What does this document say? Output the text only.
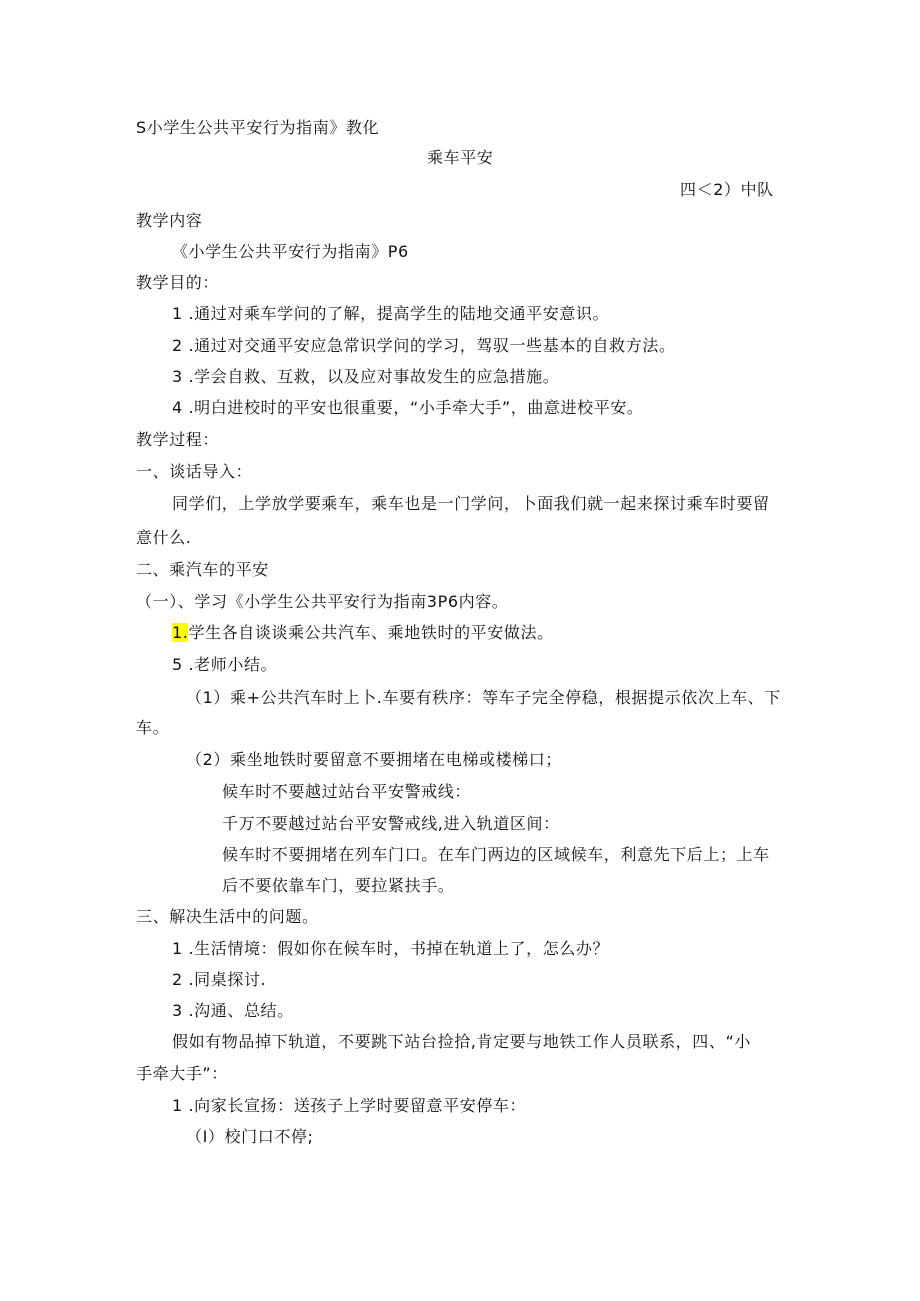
S小学生公共平安行为指南》教化
乘车平安
四＜2）中队
教学内容
《小学生公共平安行为指南》P6
教学目的：
1 .通过对乘车学问的了解，提高学生的陆地交通平安意识。
2 .通过对交通平安应急常识学问的学习，驾驭一些基本的自救方法。
3 .学会自救、互救，以及应对事故发生的应急措施。
4 .明白进校时的平安也很重要，“小手牵大手”，曲意进校平安。
教学过程：
一、谈话导入：
同学们，上学放学要乘车，乘车也是一门学问，卜面我们就一起来探讨乘车时要留
意什么.
二、乘汽车的平安
（一）、学习《小学生公共平安行为指南3P6内容。
1.学生各自谈谈乘公共汽车、乘地铁时的平安做法。
5 .老师小结。
（1）乘+公共汽车时上卜.车要有秩序：等车子完全停稳，根据提示依次上车、下
车。
（2）乘坐地铁时要留意不要拥堵在电梯或楼梯口；
候车时不要越过站台平安警戒线：
千万不要越过站台平安警戒线,进入轨道区间：
候车时不要拥堵在列车门口。在车门两边的区域候车，利意先下后上；上车
后不要依靠车门，要拉紧扶手。
三、解决生活中的问题。
1 .生活情境：假如你在候车时，书掉在轨道上了，怎么办？
2 .同桌探讨.
3 .沟通、总结。
假如有物品掉下轨道，不要跳下站台捡拾,肯定要与地铁工作人员联系，四、“小
手牵大手”：
1 .向家长宣扬：送孩子上学时要留意平安停车：
（I）校门口不停;
